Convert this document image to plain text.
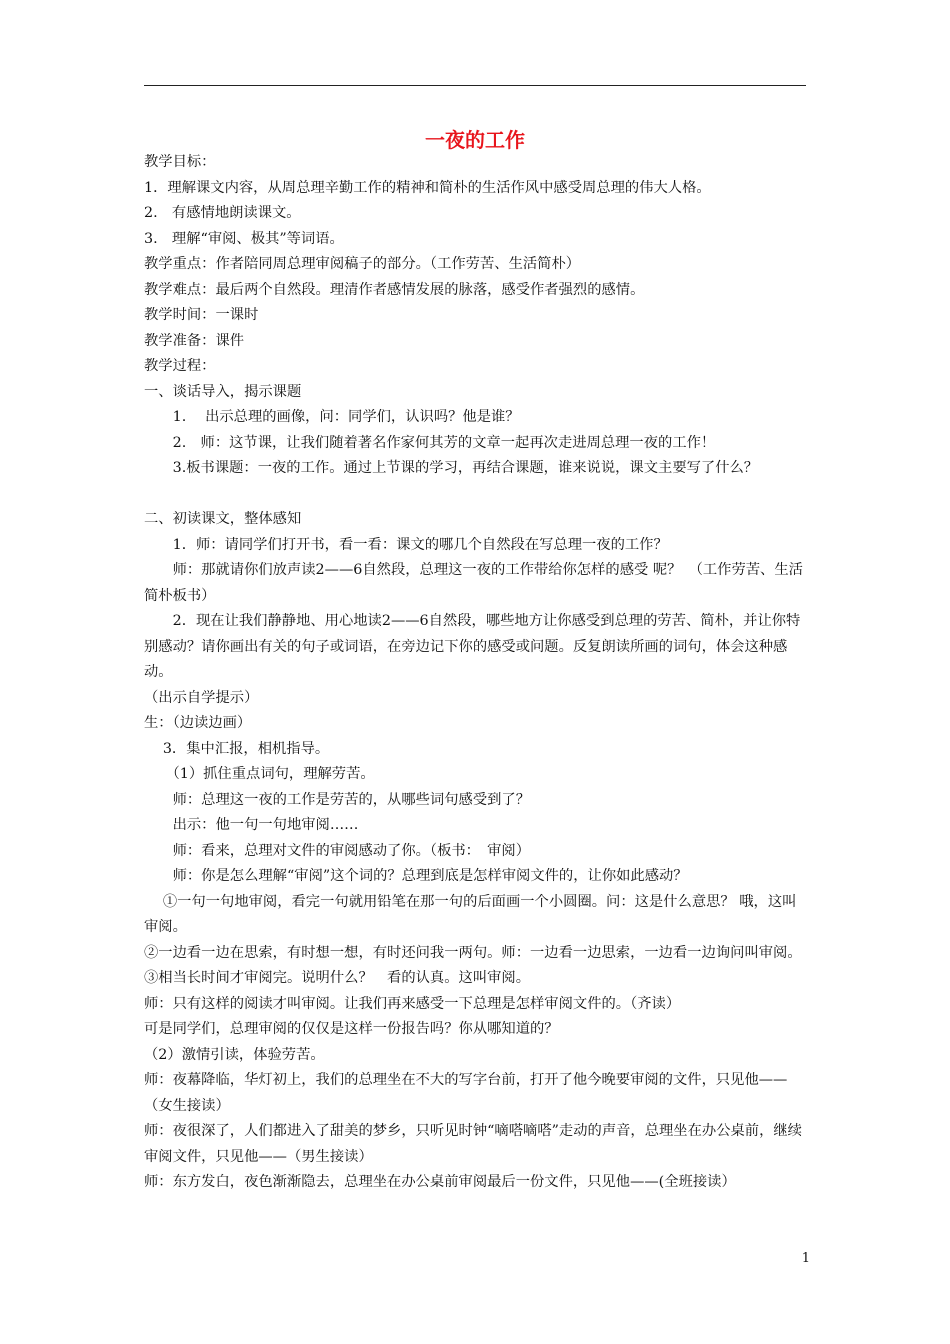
一夜的工作

教学目标：

1．理解课文内容，从周总理辛勤工作的精神和简朴的生活作风中感受周总理的伟大人格。

2.　有感情地朗读课文。

3.　理解“审阅、极其”等词语。

教学重点：作者陪同周总理审阅稿子的部分。（工作劳苦、生活简朴）

教学难点：最后两个自然段。理清作者感情发展的脉落，感受作者强烈的感情。

教学时间：一课时

教学准备：课件

教学过程：

一、谈话导入，揭示课题

　　1.　 出示总理的画像，问：同学们，认识吗？他是谁？

　　2.　师：这节课，让我们随着著名作家何其芳的文章一起再次走进周总理一夜的工作！

　　3.板书课题：一夜的工作。通过上节课的学习，再结合课题，谁来说说，课文主要写了什么？

二、初读课文，整体感知

　　1．师：请同学们打开书，看一看：课文的哪几个自然段在写总理一夜的工作？

　　师：那就请你们放声读2——6自然段，总理这一夜的工作带给你怎样的感受 呢？　（工作劳苦、生活简朴板书）

　　2．现在让我们静静地、用心地读2——6自然段，哪些地方让你感受到总理的劳苦、简朴，并让你特别感动？请你画出有关的句子或词语，在旁边记下你的感受或问题。反复朗读所画的词句，体会这种感动。

（出示自学提示）

生：（边读边画）

　 3．集中汇报，相机指导。

　　（1）抓住重点词句，理解劳苦。

　　师：总理这一夜的工作是劳苦的，从哪些词句感受到了？

　　出示：他一句一句地审阅……

　　师：看来，总理对文件的审阅感动了你。（板书：　审阅）

　　师：你是怎么理解“审阅”这个词的？总理到底是怎样审阅文件的，让你如此感动？

　 ①一句一句地审阅，看完一句就用铅笔在那一句的后面画一个小圆圈。问：这是什么意思？ 哦，这叫审阅。

②一边看一边在思索，有时想一想，有时还问我一两句。师：一边看一边思索，一边看一边询问叫审阅。

③相当长时间才审阅完。说明什么？　看的认真。这叫审阅。

师：只有这样的阅读才叫审阅。让我们再来感受一下总理是怎样审阅文件的。（齐读）

可是同学们，总理审阅的仅仅是这样一份报告吗？你从哪知道的？

（2）激情引读，体验劳苦。

师：夜幕降临，华灯初上，我们的总理坐在不大的写字台前，打开了他今晚要审阅的文件，只见他——（女生接读）

师：夜很深了，人们都进入了甜美的梦乡，只听见时钟“嘀嗒嘀嗒”走动的声音，总理坐在办公桌前，继续审阅文件，只见他——（男生接读）

师：东方发白，夜色渐渐隐去，总理坐在办公桌前审阅最后一份文件，只见他——(全班接读）

1
